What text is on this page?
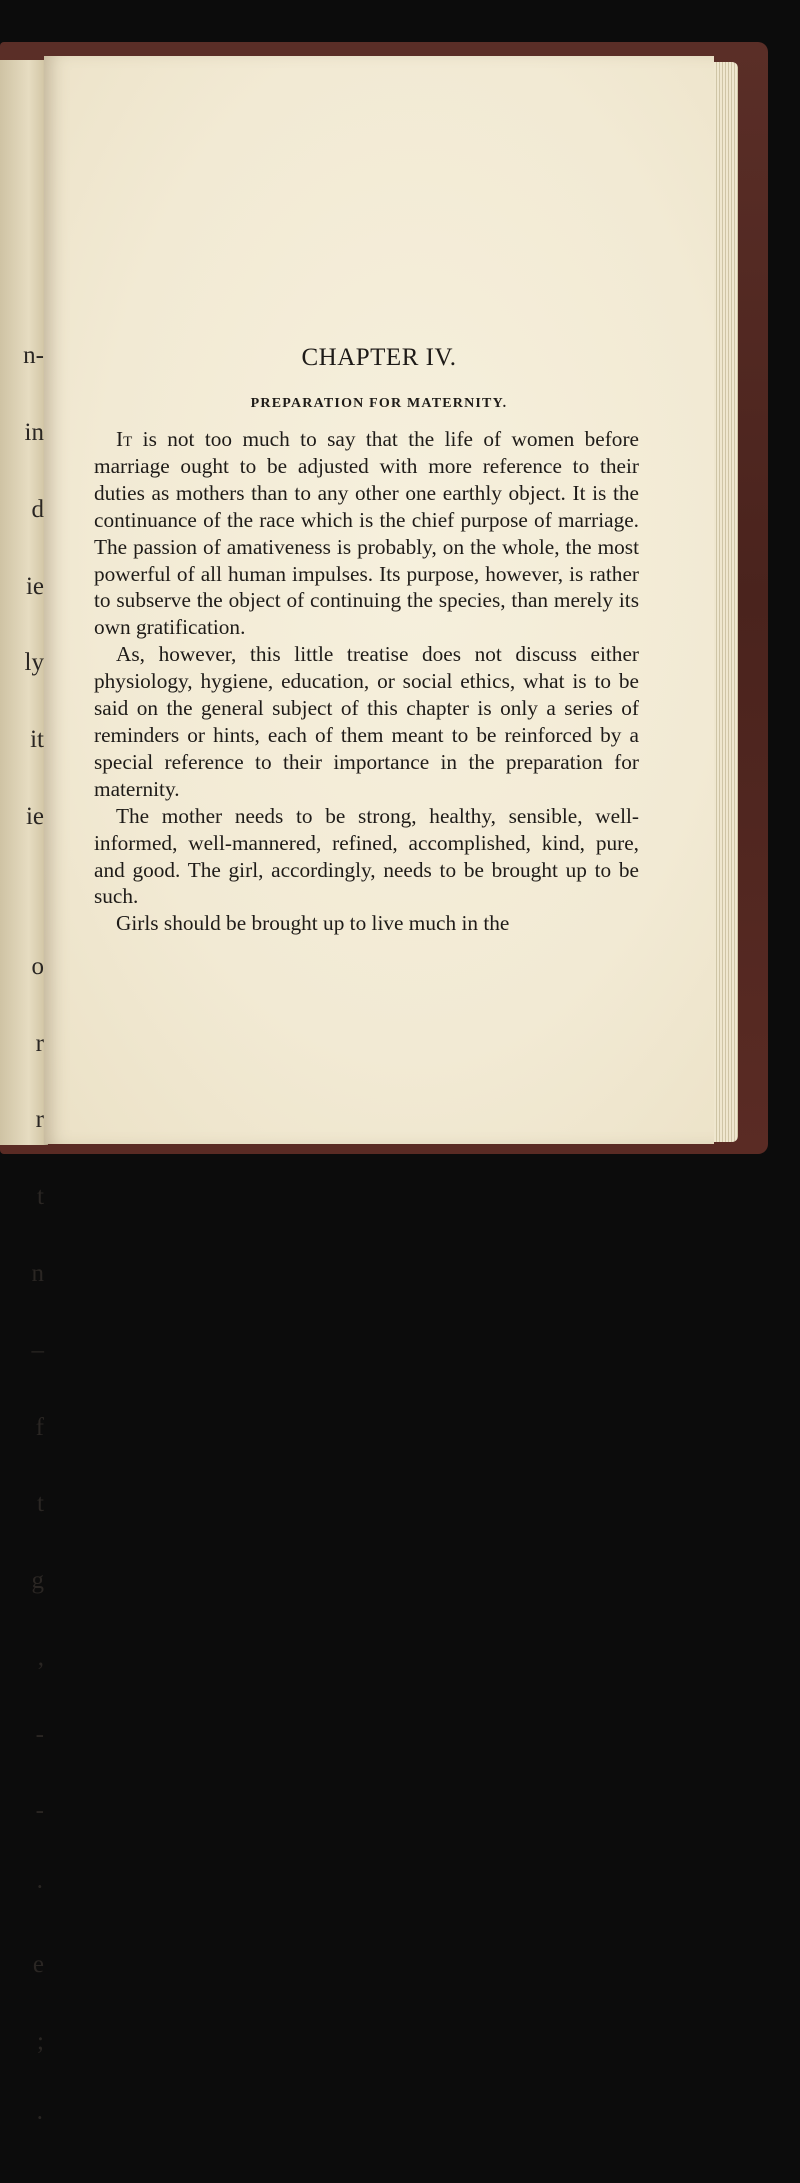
n-

in

d

ie

ly

it

ie

o

r

r

t

n

–

f

t

g

,

-

-

·

e

;

·

CHAPTER IV.
PREPARATION FOR MATERNITY.

It is not too much to say that the life of women before marriage ought to be adjusted with more reference to their duties as mothers than to any other one earthly object. It is the continuance of the race which is the chief purpose of marriage. The passion of amativeness is probably, on the whole, the most powerful of all human impulses. Its purpose, however, is rather to subserve the object of continuing the species, than merely its own gratification.

As, however, this little treatise does not discuss either physiology, hygiene, education, or social ethics, what is to be said on the general subject of this chapter is only a series of reminders or hints, each of them meant to be reinforced by a special reference to their importance in the preparation for maternity.

The mother needs to be strong, healthy, sensible, well-informed, well-mannered, refined, accomplished, kind, pure, and good. The girl, accordingly, needs to be brought up to be such.

Girls should be brought up to live much in the
